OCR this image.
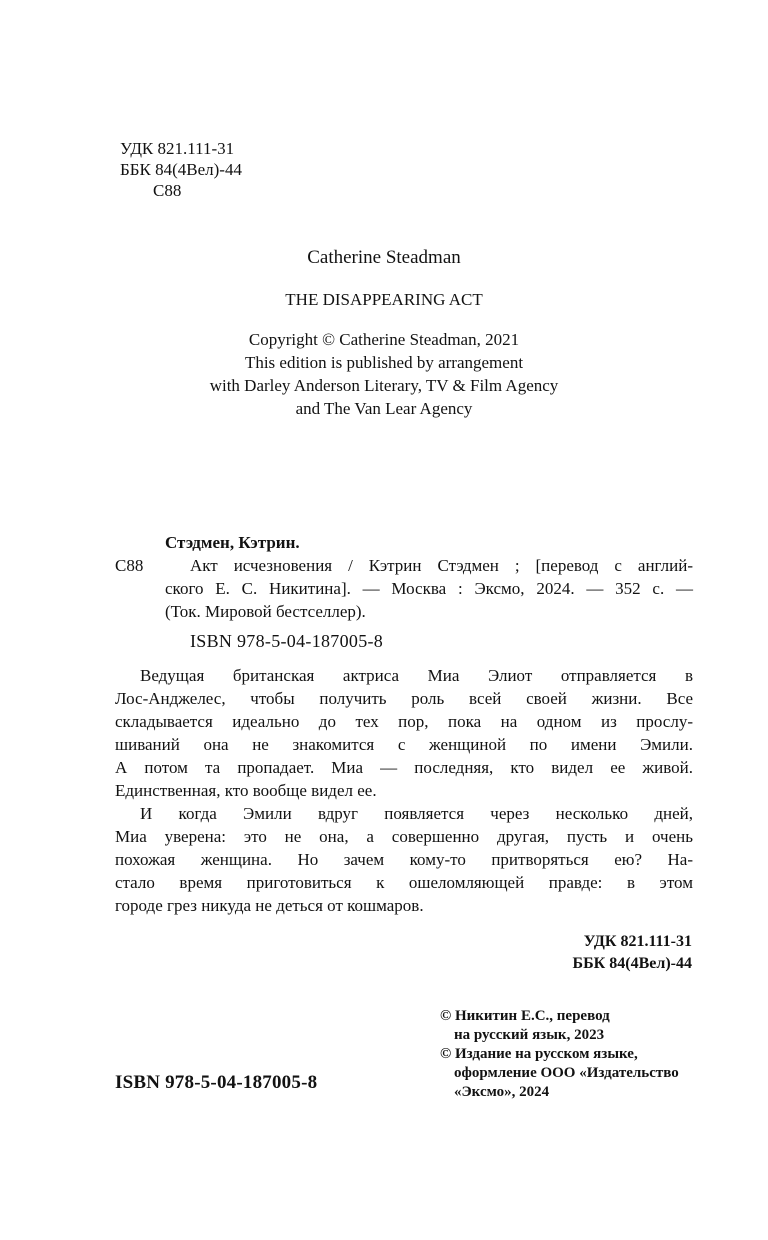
УДК 821.111-31
ББК 84(4Вел)-44
С88
Catherine Steadman
THE DISAPPEARING ACT
Copyright © Catherine Steadman, 2021
This edition is published by arrangement
with Darley Anderson Literary, TV & Film Agency
and The Van Lear Agency
Стэдмен, Кэтрин.
С88	Акт исчезновения / Кэтрин Стэдмен ; [перевод с англий-
ского Е. С. Никитина]. — Москва : Эксмо, 2024. — 352 с. —
(Ток. Мировой бестселлер).
ISBN 978-5-04-187005-8
Ведущая британская актриса Миа Элиот отправляется в
Лос-Анджелес, чтобы получить роль всей своей жизни. Все
складывается идеально до тех пор, пока на одном из прослу-
шиваний она не знакомится с женщиной по имени Эмили.
А потом та пропадает. Миа — последняя, кто видел ее живой.
Единственная, кто вообще видел ее.
И когда Эмили вдруг появляется через несколько дней,
Миа уверена: это не она, а совершенно другая, пусть и очень
похожая женщина. Но зачем кому-то притворяться ею? На-
стало время приготовиться к ошеломляющей правде: в этом
городе грез никуда не деться от кошмаров.
УДК 821.111-31
ББК 84(4Вел)-44
© Никитин Е.С., перевод
на русский язык, 2023
© Издание на русском языке,
оформление ООО «Издательство
«Эксмо», 2024
ISBN 978-5-04-187005-8
